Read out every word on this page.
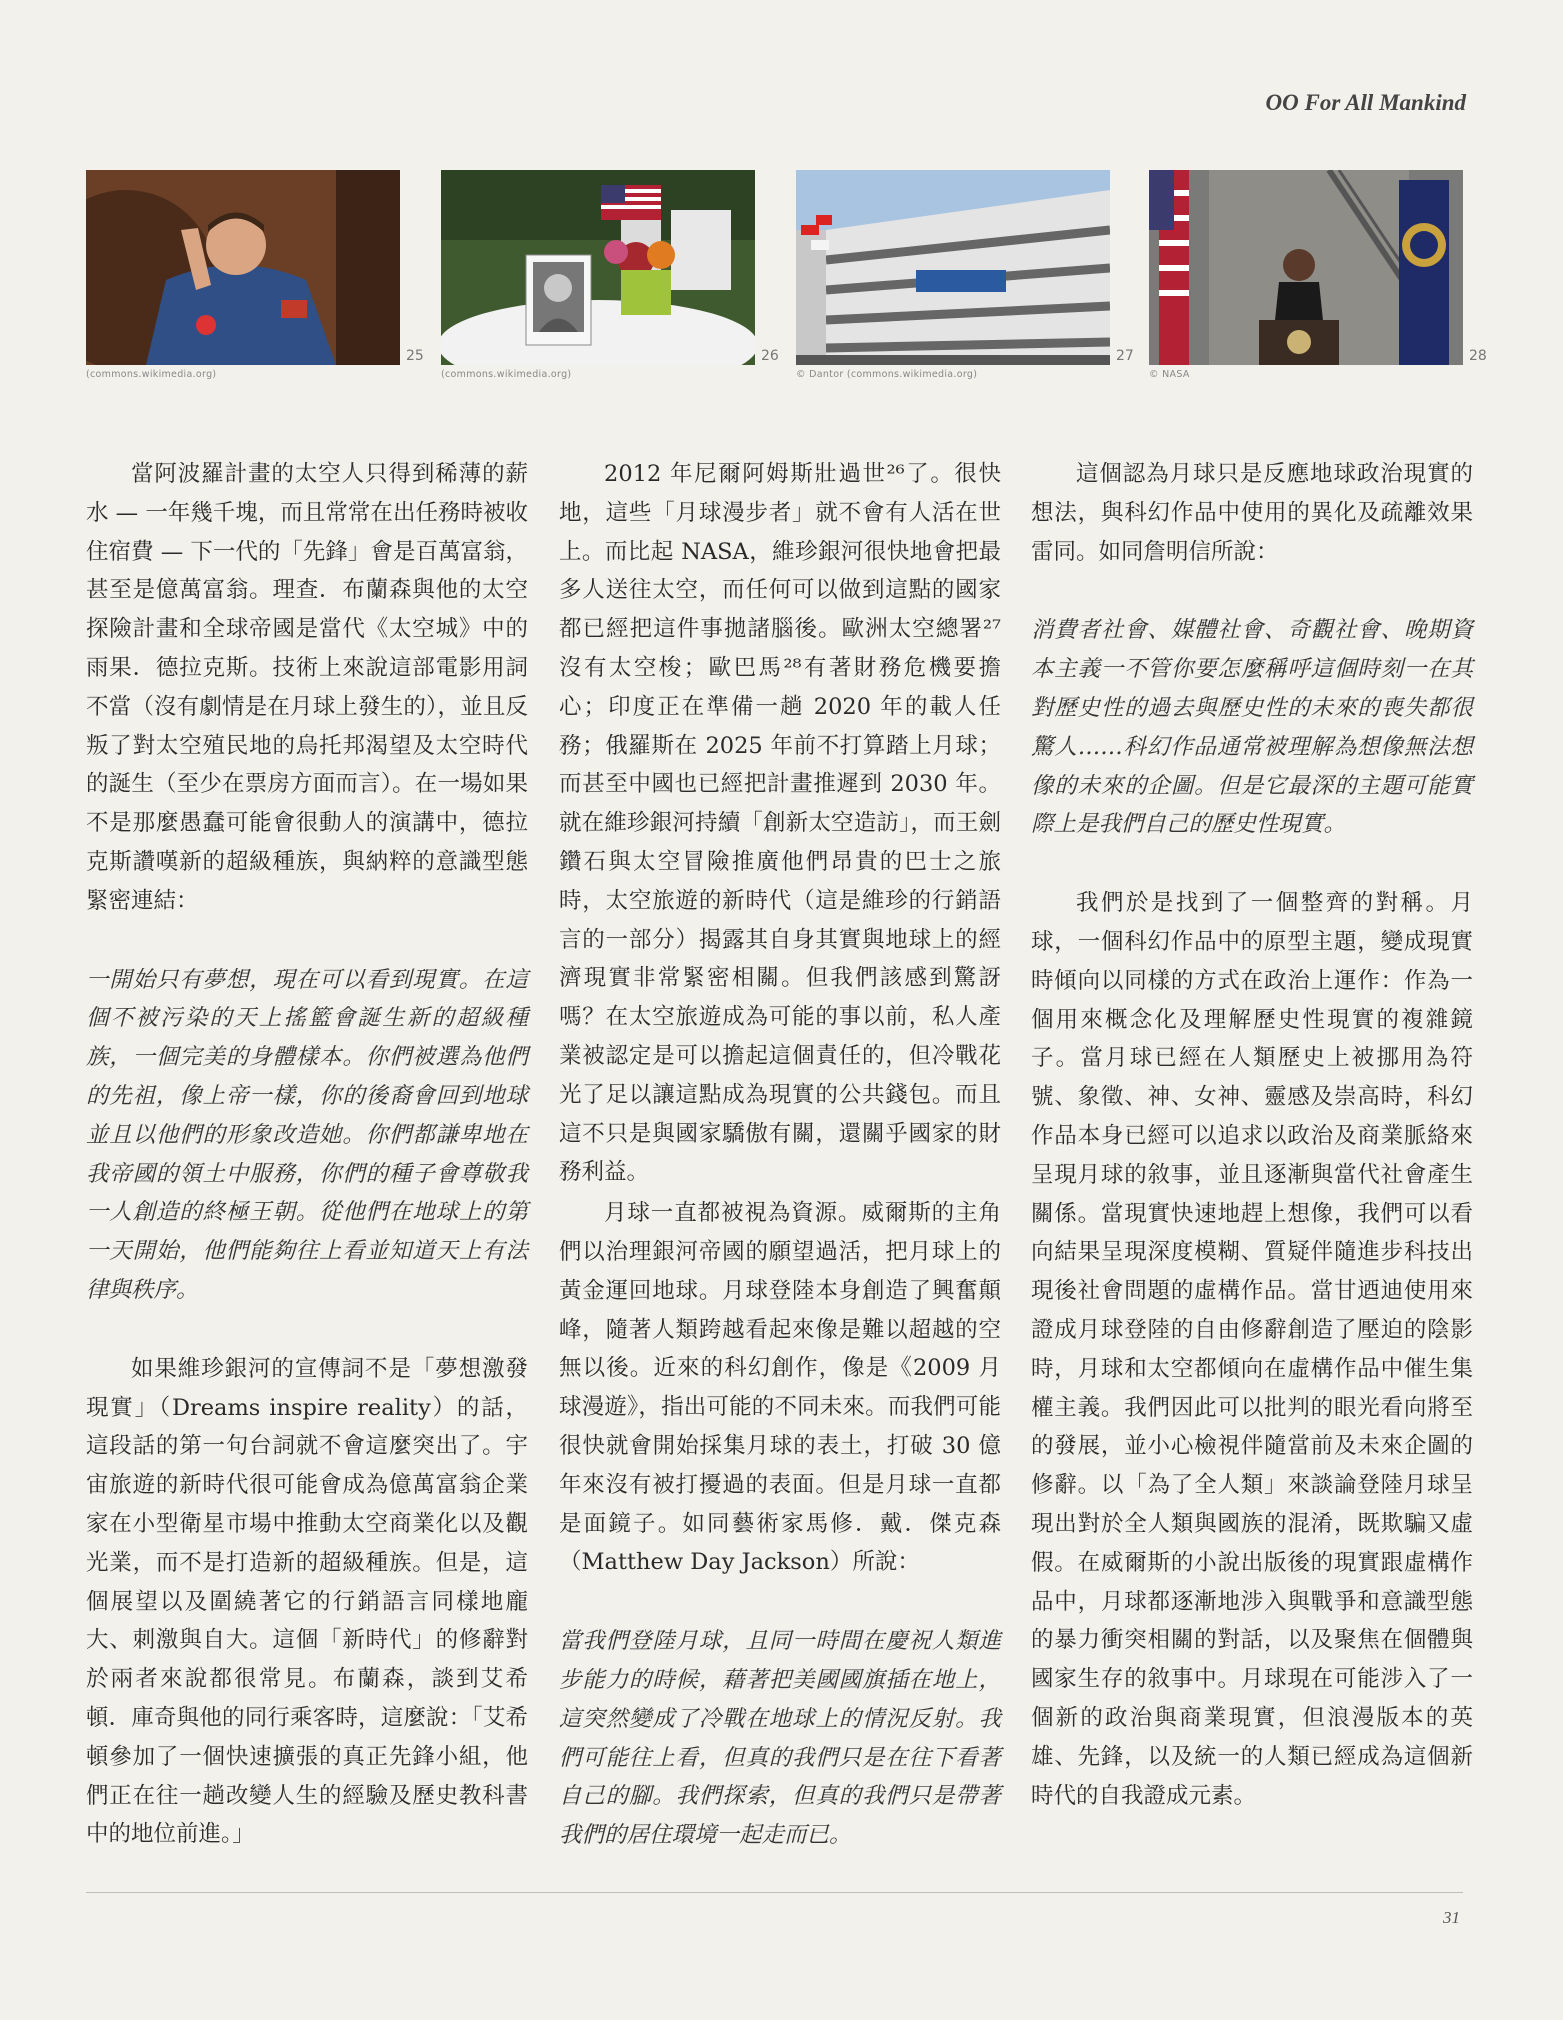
OO For All Mankind
25
(commons.wikimedia.org)
26
(commons.wikimedia.org)
27
© Dantor (commons.wikimedia.org)
28
© NASA

當阿波羅計畫的太空人只得到稀薄的薪水 — 一年幾千塊，而且常常在出任務時被收住宿費 — 下一代的「先鋒」會是百萬富翁，甚至是億萬富翁。理查．布蘭森與他的太空探險計畫和全球帝國是當代《太空城》中的雨果．德拉克斯。技術上來說這部電影用詞不當（沒有劇情是在月球上發生的），並且反叛了對太空殖民地的烏托邦渴望及太空時代的誕生（至少在票房方面而言）。在一場如果不是那麼愚蠢可能會很動人的演講中，德拉克斯讚嘆新的超級種族，與納粹的意識型態緊密連結：

一開始只有夢想，現在可以看到現實。在這個不被污染的天上搖籃會誕生新的超級種族，一個完美的身體樣本。你們被選為他們的先祖，像上帝一樣，你的後裔會回到地球並且以他們的形象改造她。你們都謙卑地在我帝國的領土中服務，你們的種子會尊敬我一人創造的終極王朝。從他們在地球上的第一天開始，他們能夠往上看並知道天上有法律與秩序。

如果維珍銀河的宣傳詞不是「夢想激發現實」（Dreams inspire reality）的話，這段話的第一句台詞就不會這麼突出了。宇宙旅遊的新時代很可能會成為億萬富翁企業家在小型衛星市場中推動太空商業化以及觀光業，而不是打造新的超級種族。但是，這個展望以及圍繞著它的行銷語言同樣地龐大、刺激與自大。這個「新時代」的修辭對於兩者來說都很常見。布蘭森，談到艾希頓．庫奇與他的同行乘客時，這麼說：「艾希頓參加了一個快速擴張的真正先鋒小組，他們正在往一趟改變人生的經驗及歷史教科書中的地位前進。」

2012 年尼爾阿姆斯壯過世²⁶了。很快地，這些「月球漫步者」就不會有人活在世上。而比起 NASA，維珍銀河很快地會把最多人送往太空，而任何可以做到這點的國家都已經把這件事拋諸腦後。歐洲太空總署²⁷沒有太空梭；歐巴馬²⁸有著財務危機要擔心；印度正在準備一趟 2020 年的載人任務；俄羅斯在 2025 年前不打算踏上月球；而甚至中國也已經把計畫推遲到 2030 年。就在維珍銀河持續「創新太空造訪」，而王劍鑽石與太空冒險推廣他們昂貴的巴士之旅時，太空旅遊的新時代（這是維珍的行銷語言的一部分）揭露其自身其實與地球上的經濟現實非常緊密相關。但我們該感到驚訝嗎？在太空旅遊成為可能的事以前，私人產業被認定是可以擔起這個責任的，但冷戰花光了足以讓這點成為現實的公共錢包。而且這不只是與國家驕傲有關，還關乎國家的財務利益。

月球一直都被視為資源。威爾斯的主角們以治理銀河帝國的願望過活，把月球上的黃金運回地球。月球登陸本身創造了興奮顛峰，隨著人類跨越看起來像是難以超越的空無以後。近來的科幻創作，像是《2009 月球漫遊》，指出可能的不同未來。而我們可能很快就會開始採集月球的表土，打破 30 億年來沒有被打擾過的表面。但是月球一直都是面鏡子。如同藝術家馬修．戴．傑克森（Matthew Day Jackson）所說：

當我們登陸月球，且同一時間在慶祝人類進步能力的時候，藉著把美國國旗插在地上，這突然變成了冷戰在地球上的情況反射。我們可能往上看，但真的我們只是在往下看著自己的腳。我們探索，但真的我們只是帶著我們的居住環境一起走而已。

這個認為月球只是反應地球政治現實的想法，與科幻作品中使用的異化及疏離效果雷同。如同詹明信所說：

消費者社會、媒體社會、奇觀社會、晚期資本主義一不管你要怎麼稱呼這個時刻一在其對歷史性的過去與歷史性的未來的喪失都很驚人……科幻作品通常被理解為想像無法想像的未來的企圖。但是它最深的主題可能實際上是我們自己的歷史性現實。

我們於是找到了一個整齊的對稱。月球，一個科幻作品中的原型主題，變成現實時傾向以同樣的方式在政治上運作：作為一個用來概念化及理解歷史性現實的複雜鏡子。當月球已經在人類歷史上被挪用為符號、象徵、神、女神、靈感及崇高時，科幻作品本身已經可以追求以政治及商業脈絡來呈現月球的敘事，並且逐漸與當代社會產生關係。當現實快速地趕上想像，我們可以看向結果呈現深度模糊、質疑伴隨進步科技出現後社會問題的虛構作品。當甘迺迪使用來證成月球登陸的自由修辭創造了壓迫的陰影時，月球和太空都傾向在虛構作品中催生集權主義。我們因此可以批判的眼光看向將至的發展，並小心檢視伴隨當前及未來企圖的修辭。以「為了全人類」來談論登陸月球呈現出對於全人類與國族的混淆，既欺騙又虛假。在威爾斯的小說出版後的現實跟虛構作品中，月球都逐漸地涉入與戰爭和意識型態的暴力衝突相關的對話，以及聚焦在個體與國家生存的敘事中。月球現在可能涉入了一個新的政治與商業現實，但浪漫版本的英雄、先鋒，以及統一的人類已經成為這個新時代的自我證成元素。

31
